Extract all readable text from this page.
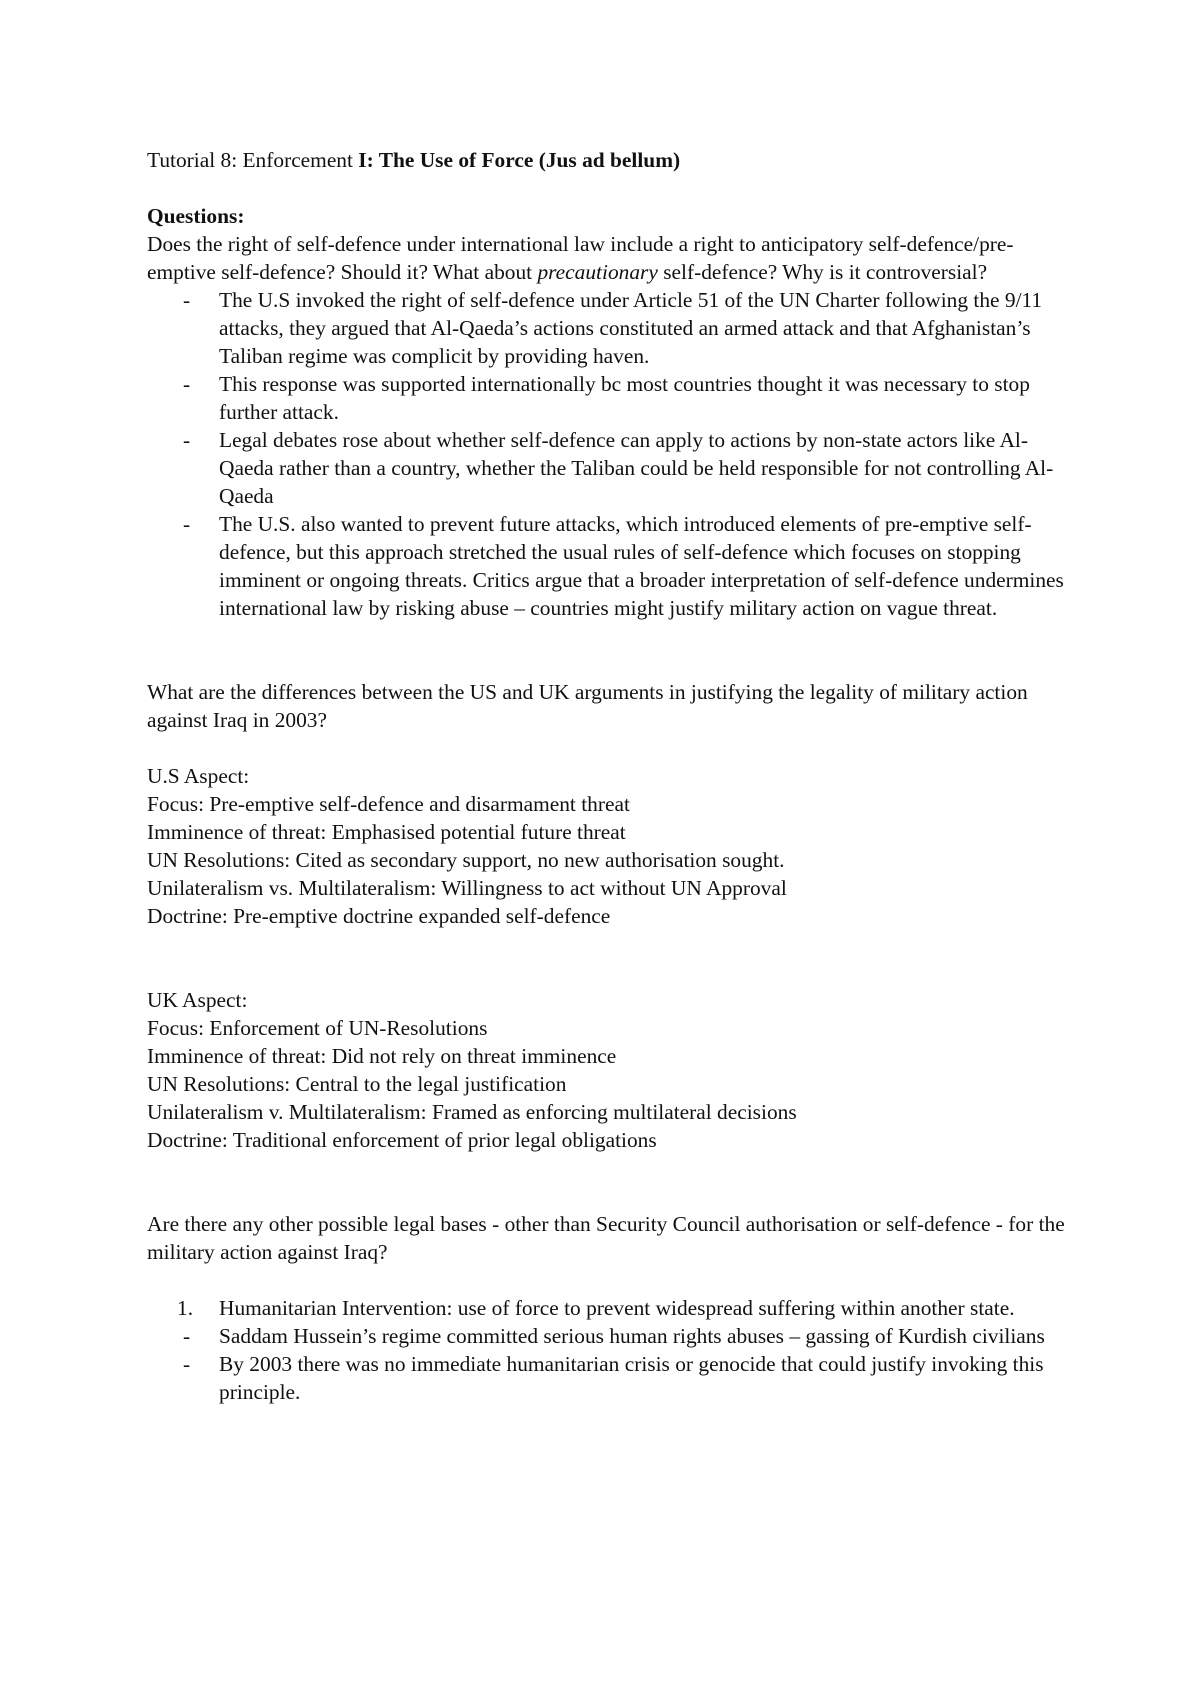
Tutorial 8: Enforcement I: The Use of Force (Jus ad bellum)

Questions:

Does the right of self-defence under international law include a right to anticipatory self-defence/pre-emptive self-defence? Should it? What about precautionary self-defence? Why is it controversial?

- The U.S invoked the right of self-defence under Article 51 of the UN Charter following the 9/11 attacks, they argued that Al-Qaeda’s actions constituted an armed attack and that Afghanistan’s Taliban regime was complicit by providing haven.
- This response was supported internationally bc most countries thought it was necessary to stop further attack.
- Legal debates rose about whether self-defence can apply to actions by non-state actors like Al-Qaeda rather than a country, whether the Taliban could be held responsible for not controlling Al-Qaeda
- The U.S. also wanted to prevent future attacks, which introduced elements of pre-emptive self-defence, but this approach stretched the usual rules of self-defence which focuses on stopping imminent or ongoing threats. Critics argue that a broader interpretation of self-defence undermines international law by risking abuse – countries might justify military action on vague threat.

What are the differences between the US and UK arguments in justifying the legality of military action against Iraq in 2003?

U.S Aspect:

Focus: Pre-emptive self-defence and disarmament threat

Imminence of threat: Emphasised potential future threat

UN Resolutions: Cited as secondary support, no new authorisation sought.

Unilateralism vs. Multilateralism: Willingness to act without UN Approval

Doctrine: Pre-emptive doctrine expanded self-defence

UK Aspect:

Focus: Enforcement of UN-Resolutions

Imminence of threat: Did not rely on threat imminence

UN Resolutions: Central to the legal justification

Unilateralism v. Multilateralism: Framed as enforcing multilateral decisions

Doctrine: Traditional enforcement of prior legal obligations

Are there any other possible legal bases - other than Security Council authorisation or self-defence - for the military action against Iraq?

1. Humanitarian Intervention: use of force to prevent widespread suffering within another state.
- Saddam Hussein’s regime committed serious human rights abuses – gassing of Kurdish civilians
- By 2003 there was no immediate humanitarian crisis or genocide that could justify invoking this principle.
